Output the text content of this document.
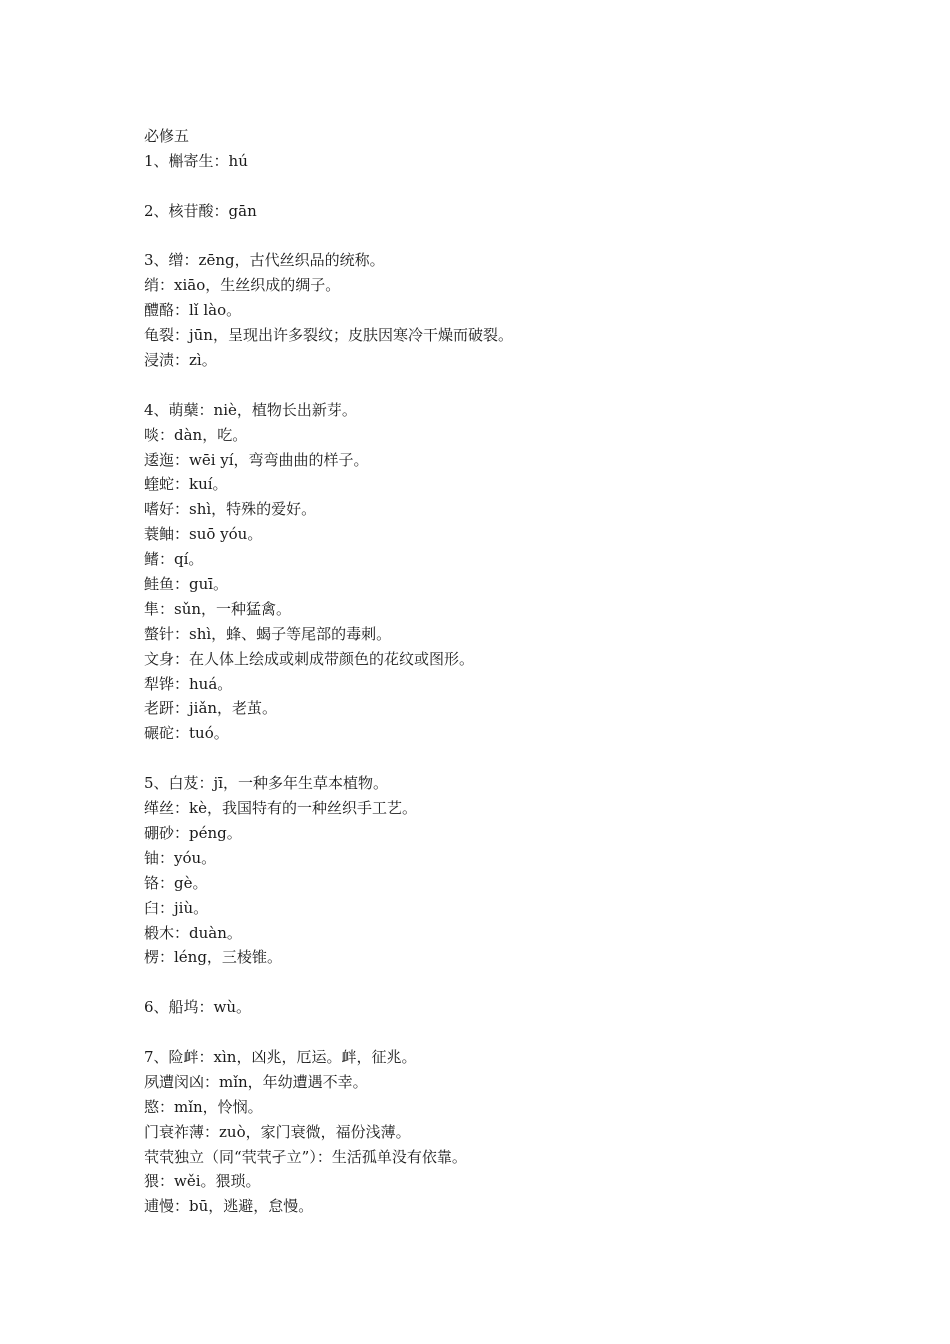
必修五
1、槲寄生：hú
2、核苷酸：gān
3、缯：zēng，古代丝织品的统称。
绡：xiāo，生丝织成的绸子。
醴酪：lǐ lào。
龟裂：jūn，呈现出许多裂纹；皮肤因寒冷干燥而破裂。
浸渍：zì。
4、萌蘖：niè，植物长出新芽。
啖：dàn，吃。
逶迤：wēi yí，弯弯曲曲的样子。
蝰蛇：kuí。
嗜好：shì，特殊的爱好。
蓑鲉：suō yóu。
鳍：qí。
鲑鱼：guī。
隼：sǔn，一种猛禽。
螫针：shì，蜂、蝎子等尾部的毒刺。
文身：在人体上绘成或刺成带颜色的花纹或图形。
犁铧：huá。
老趼：jiǎn，老茧。
碾砣：tuó。
5、白芨：jī，一种多年生草本植物。
缂丝：kè，我国特有的一种丝织手工艺。
硼砂：péng。
铀：yóu。
铬：gè。
臼：jiù。
椴木：duàn。
楞：léng，三棱锥。
6、船坞：wù。
7、险衅：xìn，凶兆，厄运。衅，征兆。
夙遭闵凶：mǐn，年幼遭遇不幸。
愍：mǐn，怜悯。
门衰祚薄：zuò，家门衰微，福份浅薄。
茕茕独立（同“茕茕孑立”）：生活孤单没有依靠。
猥：wěi。猥琐。
逋慢：bū，逃避，怠慢。
